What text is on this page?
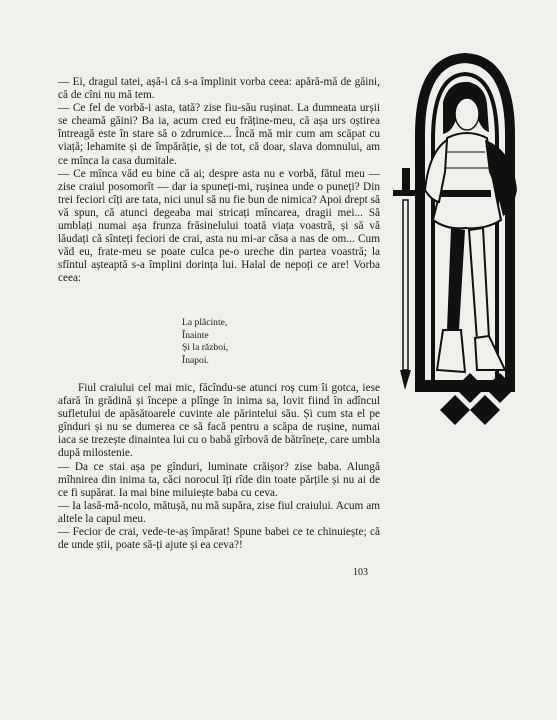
— Ei, dragul tatei, așă-i că s-a împlinit vorba ceea: apără-mă de găini, că de cîni nu mă tem.

— Ce fel de vorbă-i asta, tată? zise fiu-său rușinat. La dumneata urșii se cheamă găini? Ba ia, acum cred eu frăține-meu, că așa urs oștirea întreagă este în stare să o zdrumice... Încă mă mir cum am scăpat cu viață; lehamite și de împărăție, și de tot, că doar, slava domnului, am ce mînca la casa dumitale.

— Ce mînca văd eu bine că ai; despre asta nu e vorbă, fătul meu — zise craiul posomorît — dar ia spuneți-mi, rușinea unde o puneți? Din trei feciori cîți are tata, nici unul să nu fie bun de nimica? Apoi drept să vă spun, că atunci degeaba mai stricați mîncarea, dragii mei... Să umblați numai așa frunza frăsinelului toată viața voastră, și să vă lăudați că sînteți feciori de crai, asta nu mi-ar căsa a nas de om... Cum văd eu, frate-meu se poate culca pe-o ureche din partea voastră; la sfîntul așteaptă s-a împlini dorința lui. Halal de nepoți ce are! Vorba ceea:

La plăcinte,
Înainte
Și la război,
Înapoi.

Fiul craiului cel mai mic, făcîndu-se atunci roș cum îi gotca, iese afară în grădină și începe a plînge în inima sa, lovit fiind în adîncul sufletului de apăsătoarele cuvinte ale părintelui său. Și cum sta el pe gînduri și nu se dumerea ce să facă pentru a scăpa de rușine, numai iaca se trezește dinaintea lui cu o babă gîrbovă de bătrînețe, care umbla după milostenie.

— Da ce stai așa pe gînduri, luminate crăișor? zise baba. Alungă mîhnirea din inima ta, căci norocul îți rîde din toate părțile și nu ai de ce fi supărat. Ia mai bine miluiește baba cu ceva.

— Ia lasă-mă-ncolo, mătușă, nu mă supăra, zise fiul craiului. Acum am altele la capul meu.

— Fecior de crai, vede-te-aș împărat! Spune babei ce te chinuiește; că de unde știi, poate să-ți ajute și ea ceva?!

103
